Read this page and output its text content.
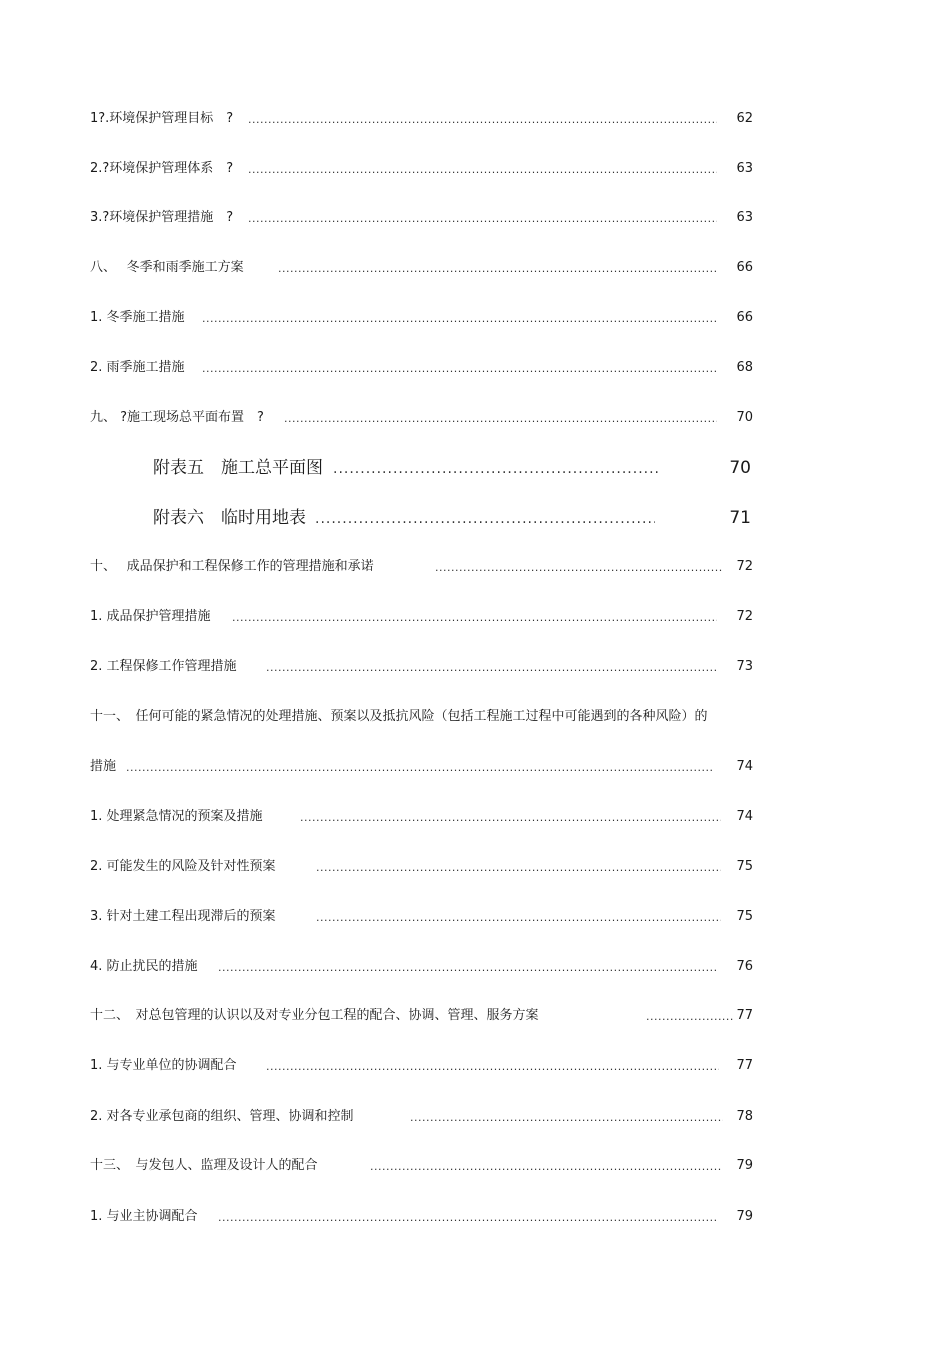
1?.环境保护管理目标　? .....	62
2.?环境保护管理体系　? .....	63
3.?环境保护管理措施　? .....	63
八、　 冬季和雨季施工方案 .....	66
1. 冬季施工措施 .....	66
2. 雨季施工措施 .....	68
九、 ?施工现场总平面布置　? .....	70
附表五　施工总平面图 .....	70
附表六　临时用地表 .....	71
十、　 成品保护和工程保修工作的管理措施和承诺 .....	72
1. 成品保护管理措施 .....	72
2. 工程保修工作管理措施 .....	73
十一、　任何可能的紧急情况的处理措施、预案以及抵抗风险（包括工程施工过程中可能遇到的各种风险）的
措施 .....	74
1. 处理紧急情况的预案及措施 .....	74
2. 可能发生的风险及针对性预案 .....	75
3. 针对土建工程出现滞后的预案 .....	75
4. 防止扰民的措施 .....	76
十二、　对总包管理的认识以及对专业分包工程的配合、协调、管理、服务方案 .....	77
1. 与专业单位的协调配合 .....	77
2. 对各专业承包商的组织、管理、协调和控制 .....	78
十三、　与发包人、监理及设计人的配合 .....	79
1. 与业主协调配合 .....	79
